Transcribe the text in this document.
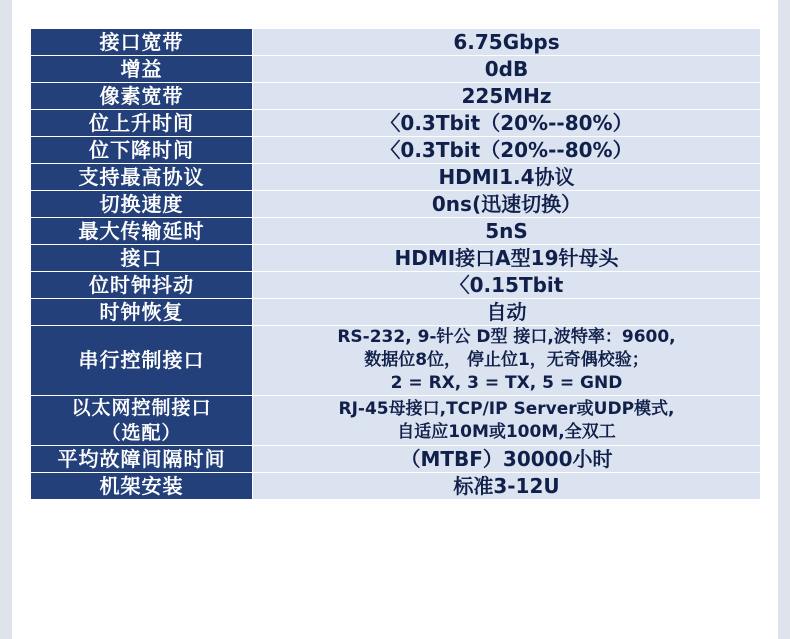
接口宽带	6.75Gbps

增益	0dB

像素宽带	225MHz

位上升时间	〈0.3Tbit（20%--80%）

位下降时间	〈0.3Tbit（20%--80%）

支持最高协议	HDMI1.4协议

切换速度	0ns(迅速切换）

最大传输延时	5nS

接口	HDMI接口A型19针母头

位时钟抖动	〈0.15Tbit

时钟恢复	自动

串行控制接口	RS-232, 9-针公 D型 接口,波特率：9600,
数据位8位， 停止位1，无奇偶校验；
2 = RX, 3 = TX, 5 = GND

以太网控制接口
（选配）	RJ-45母接口,TCP/IP Server或UDP模式,
自适应10M或100M,全双工

平均故障间隔时间	（MTBF）30000小时

机架安装	标准3-12U
